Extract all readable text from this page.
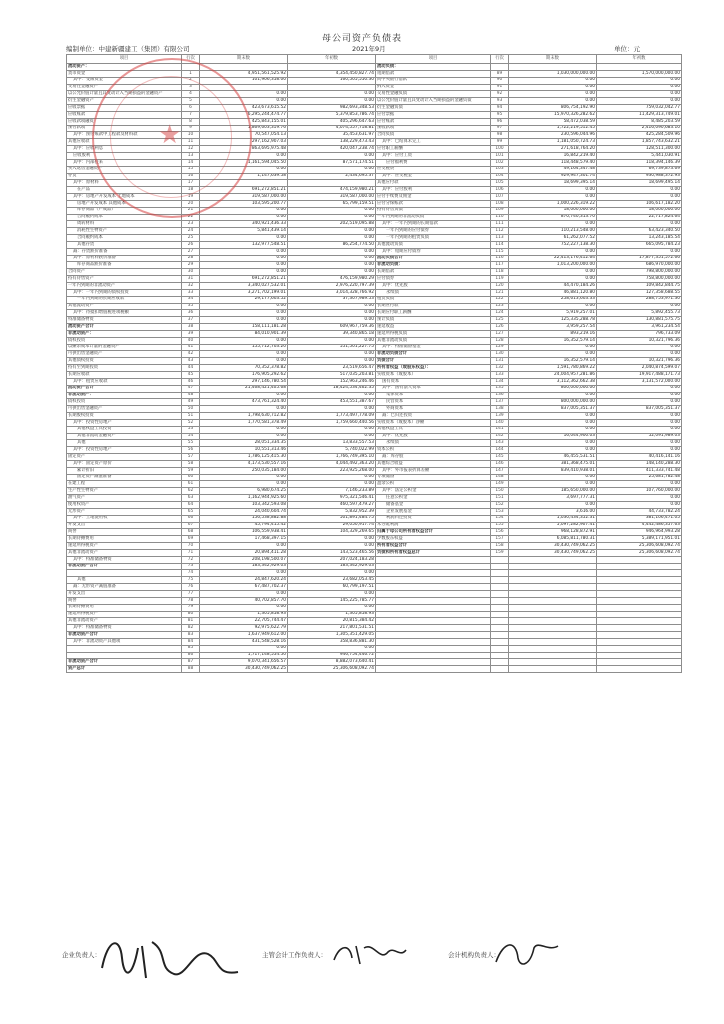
母公司资产负债表
编制单位：中建新疆建工（集团）有限公司	2021年9月	单位：元
项目	行次	期末数	年初数	项目	行次	期末数	年初数
流动资产：				流动负债：			
货币资金	1	4,951,561,525.92	4,354,450,827.74	短期借款	89	1,030,000,000.00	1,570,000,000.00
其中：受限资金	2	101,906,358.00	160,505,550.30	向中央银行借款	90	0.00	0.00
交易性金融资产	3			拆入资金	91	0.00	0.00
以公允价值计量且其变动计入当期损益的金融资产	4	0.00	0.00	交易性金融负债	92	0.00	0.00
衍生金融资产	5	0.00	0.00	以公允价值计量且其变动计入当期损益的金融负债	93	0.00	0.00
应收票据	6	423,673,615.52	982,693,348.53	衍生金融负债	94	806,754,192.90	759,032,042.77
应收账款	7	6,295,244,474.77	5,379,853,786.74	应付票据	95	15,970,326,282.62	11,429,313,749.01
应收款项融资	8	425,843,155.01	405,296,647.63	应付账款	96	58,472,038.59	8,485,203.59
预付款项	9	1,869,603,319.76	4,074,557,718.81	预收款项	97	1,722,219,512.45	2,416,090,683.10
其中：预付账款中工程款及材料款	10	70,547,054.13	35,453,631.97	合同负债	98	230,596,044.96	425,284,509.96
其他应收款	11	297,162,907.03	138,229,473.43	其中：已结算未完工	99	1,181,050,724.73	1,857,743,632.21
其中：应收利息	12	863,695,975.48	420,047,238.74	应付职工薪酬	100	271,618,764.20	128,511,300.00
应收股利	13	0.00	0.00	其中：应付工资	101	16,842,219.40	5,441,030.91
其中：内部往来	14	1,161,594,045.50	87,571,174.51	应付福利费	102	118,448,579.40	118,394,146.39
买入返售金融资产	15	0.00	0.00	应交税费	103	49,164,347.48	69,739,873.69
存货	16	1,147,639.58	2,434,695.37	其中：应交税金	104	929,947,301.74	930,988,372.93
其中：原材料	17			其他应付款	105	18,699,395.14	18,699,495.14
在产品	18	691,272,851.21	474,159,980.21	其中：应付股利	106	0.00	0.00
其中：房地产开发成本 土地成本	19	319,587,000.00	319,587,000.00	应付手续费及佣金	107	0.00	0.00
房地产开发成本 其他成本	20	103,595,200.77	65,799,159.51	应付分保账款	108	1,000,226,319.22	106,617,182.20
库存商品（产成品）	21	0.00	0.00	持有待售负债	109	18,000,000.00	18,000,000.00
合同履约成本	22	0.00	0.00	一年内到期的非流动负债	110	870,740,313.70	22,717,824.64
周转材料	23	340,921,436.33	202,519,095.88	其中：一年内到期的长期借款	111	0.00	0.00
消耗性生物资产	24	5,841,439.14	0.00	一年内到期的应付债券	112	110,213,548.00	63,423,340.50
合同履约成本	25	0.00	0.00	一年内到期的租赁负债	113	61,262,077.52	13,243,185.54
其他存货	26	132,977,548.51	86,254,774.50	其他流动负债	114	752,227,138.30	665,095,784.23
减：存货跌价准备	27	0.00	0.00	其中：短期应付债券	115	0.00	0.00
其中：原材料跌价准备	28	0.00	0.00	流动负债合计	116	22,413,176,412.64	17,877,351,572.66
库存商品跌价准备	29	0.00	0.00	非流动负债：	117	1,013,200,000.00	686,970,000.00
合同资产	30	0.00	0.00	长期借款	118	0.00	798,800,000.00
持有待售资产	31	691,272,851.21	476,159,980.29	应付债券	119	0.00	758,800,000.00
一年内到期的非流动资产	32	3,340,027,532.01	2,976,220,797.39	其中：优先股	120	44,470,184.26	109,842,844.75
其中：一年内到期的债权投资	33	3,271,702,199.01	3,014,328,766.92	永续债	121	46,881,120.80	127,358,688.55
一年内到期的长期应收款	34	29,177,603.52	37,307,989.53	租赁负债	122	258,613,603.33	288,753,971.30
其他流动资产	35	0.00	0.00	长期应付款	123	0.00	0.00
其中：待抵扣增值税进项税额	36	0.00	0.00	长期应付职工薪酬	124	5,919,257.01	5,892,455.73
特准储备物资	37	0.00	0.00	预计负债	125	125,335,288.78	130,881,575.75
流动资产合计	38	158,111,181.28	609,967,759.36	递延收益	126	3,959,257.54	3,961,234.54
非流动资产：	39	84,010,901.39	39,340,865.18	递延所得税负债	127	893,219.16	796,733.09
债权投资	40	0.00	0.00	其他非流动负债	128	16,352,579.14	10,321,796.36
以摊余成本计量的金融资产	41	155,712,703.20	551,501,227.75	其中：特准储备基金	129	0.00	0.00
可供出售金融资产	42	0.00	0.00	非流动负债合计	130	0.00	0.00
其他债权投资	43	0.00	0.00	负债合计	131	16,352,579.14	10,321,796.36
持有至到期投资	44	70,352,378.82	23,519,656.47	所有者权益（或股东权益）：	132	1,591,780,869.22	2,040,874,599.07
长期应收款	45	176,905,292.62	517,035,203.81	实收资本（或股本）	133	24,004,957,281.86	19,917,488,171.73
其中：租赁应收款	46	297,146,780.54	152,963,246.46	国有资本	134	3,112,362,662.38	3,131,572,000.00
流动资产合计	47	21,468,421,405.68	18,424,534,462.35	其中：国有法人资本	135	800,000,000.00	0.00
非流动资产：	48	0.00	0.00	集体资本	136	0.00	0.00
债权投资	49	473,761,324.40	453,551,387.67	民营资本	137	800,000,000.00	0.00
可供出售金融资产	50	0.00	0.00	外商资本	138	837,005,351.37	837,005,351.37
长期股权投资	51	1,798,630,712.82	1,773,497,778.09	减：已归还投资	139	0.00	0.00
其中：投资性房地产	52	1,770,581,378.49	1,759,660,440.56	实收资本（或股本）净额	140	0.00	0.00
其他权益工具投资	53	0.00	0.00	其他权益工具	141	0.00	0.00
其他非流动金融资产	54	0.00	0.00	其中：优先股	142	16,044,900.03	52,091,989.03
其他	55	28,051,334.35	13,833,557.53	永续债	143	0.00	0.00
其中：投资性房地产	56	10,551,313.46	5,740,022.99	资本公积	144	0.00	0.00
固定资产	57	1,786,125,415.30	1,766,749,395.10	减：库存股	145	46,455,531.51	40,416,141.16
其中：固定资产原价	58	4,173,530,557.16	4,044,492,363.20	其他综合收益	146	381,368,475.01	148,140,288.30
累计折旧	59	250,035,184.00	223,925,268.00	其中：外币报表折算差额	147	839,410,938.01	411,333,741.48
固定资产减值准备	60	0.00	0.00	专项储备	148	0.00	25,681,782.48
在建工程	61	0.00	0.00	盈余公积	149	0.00	0.00
生产性生物资产	62	6,980,674.25	7,146,233.89	其中：法定公积金	150	185,650,000.00	107,760,000.00
油气资产	63	1,162,944,925.60	975,321,546.41	任意公积金	151	3,697,777.31	0.00
使用权资产	64	103,342,593.08	460,597,479.27	储备基金	152	0.00	0.00
无形资产	65	24,040,604.74	5,832,952.39	企业发展基金	153	3,616.00	44,733,782.24
其中：土地使用权	66	156,538,882.88	501,891,484.75	利润归还投资	154	1,030,434,352.31	381,106,471.05
开发支出	67	45,794,415.42	29,050,917.74	未分配利润	155	5,097,282,907.41	4,442,486,357.63
商誉	68	106,559,938.41	104,329,269.65	归属于母公司所有者权益合计	156	968,128,872.91	946,964,993.28
长期待摊费用	69	17,468,397.15	0.00	少数股东权益	157	6,085,811,780.31	5,389,171,951.01
递延所得税资产	70	0.00	0.00	所有者权益合计	158	30,430,749,062.25	25,306,608,092.74
其他非流动资产	71	20,894,411.28	143,523,465.56	负债和所有者权益总计	159	30,430,749,062.25	25,306,608,092.74
其中：特准储备物资	72	208,198,500.07	207,024,183.28				
非流动资产合计	73	183,342,929.03	183,342,929.03				
	74	0.00	0.00				
其他	75	24,847,620.24	23,682,053.45				
减：无形资产减值准备	76	67,487,702.37	60,799,197.51				
开发支出	77	0.00	0.00				
商誉	78	40,702,857.70	145,225,785.77				
长期待摊费用	79	0.00	0.00				
递延所得税资产	80	1,305,858.93	1,305,858.93				
其他非流动资产	81	22,705,744.47	20,815,384.42				
其中：特准储备物资	82	92,975,622.79	217,801,531.51				
非流动资产合计	83	1,637,949,612.00	1,305,351,429.05				
其中：非流动资产其他项	84	431,548,528.16	358,836,881.30				
	85	0.00	0.00				
	86	1,717,148,554.50	946,754,446.72				
非流动资产合计	87	9,070,341,656.57	8,882,073,640.41				
资产总计	88	30,430,749,062.25	25,306,608,092.74				
★
企业负责人：	主管会计工作负责人：	会计机构负责人：
